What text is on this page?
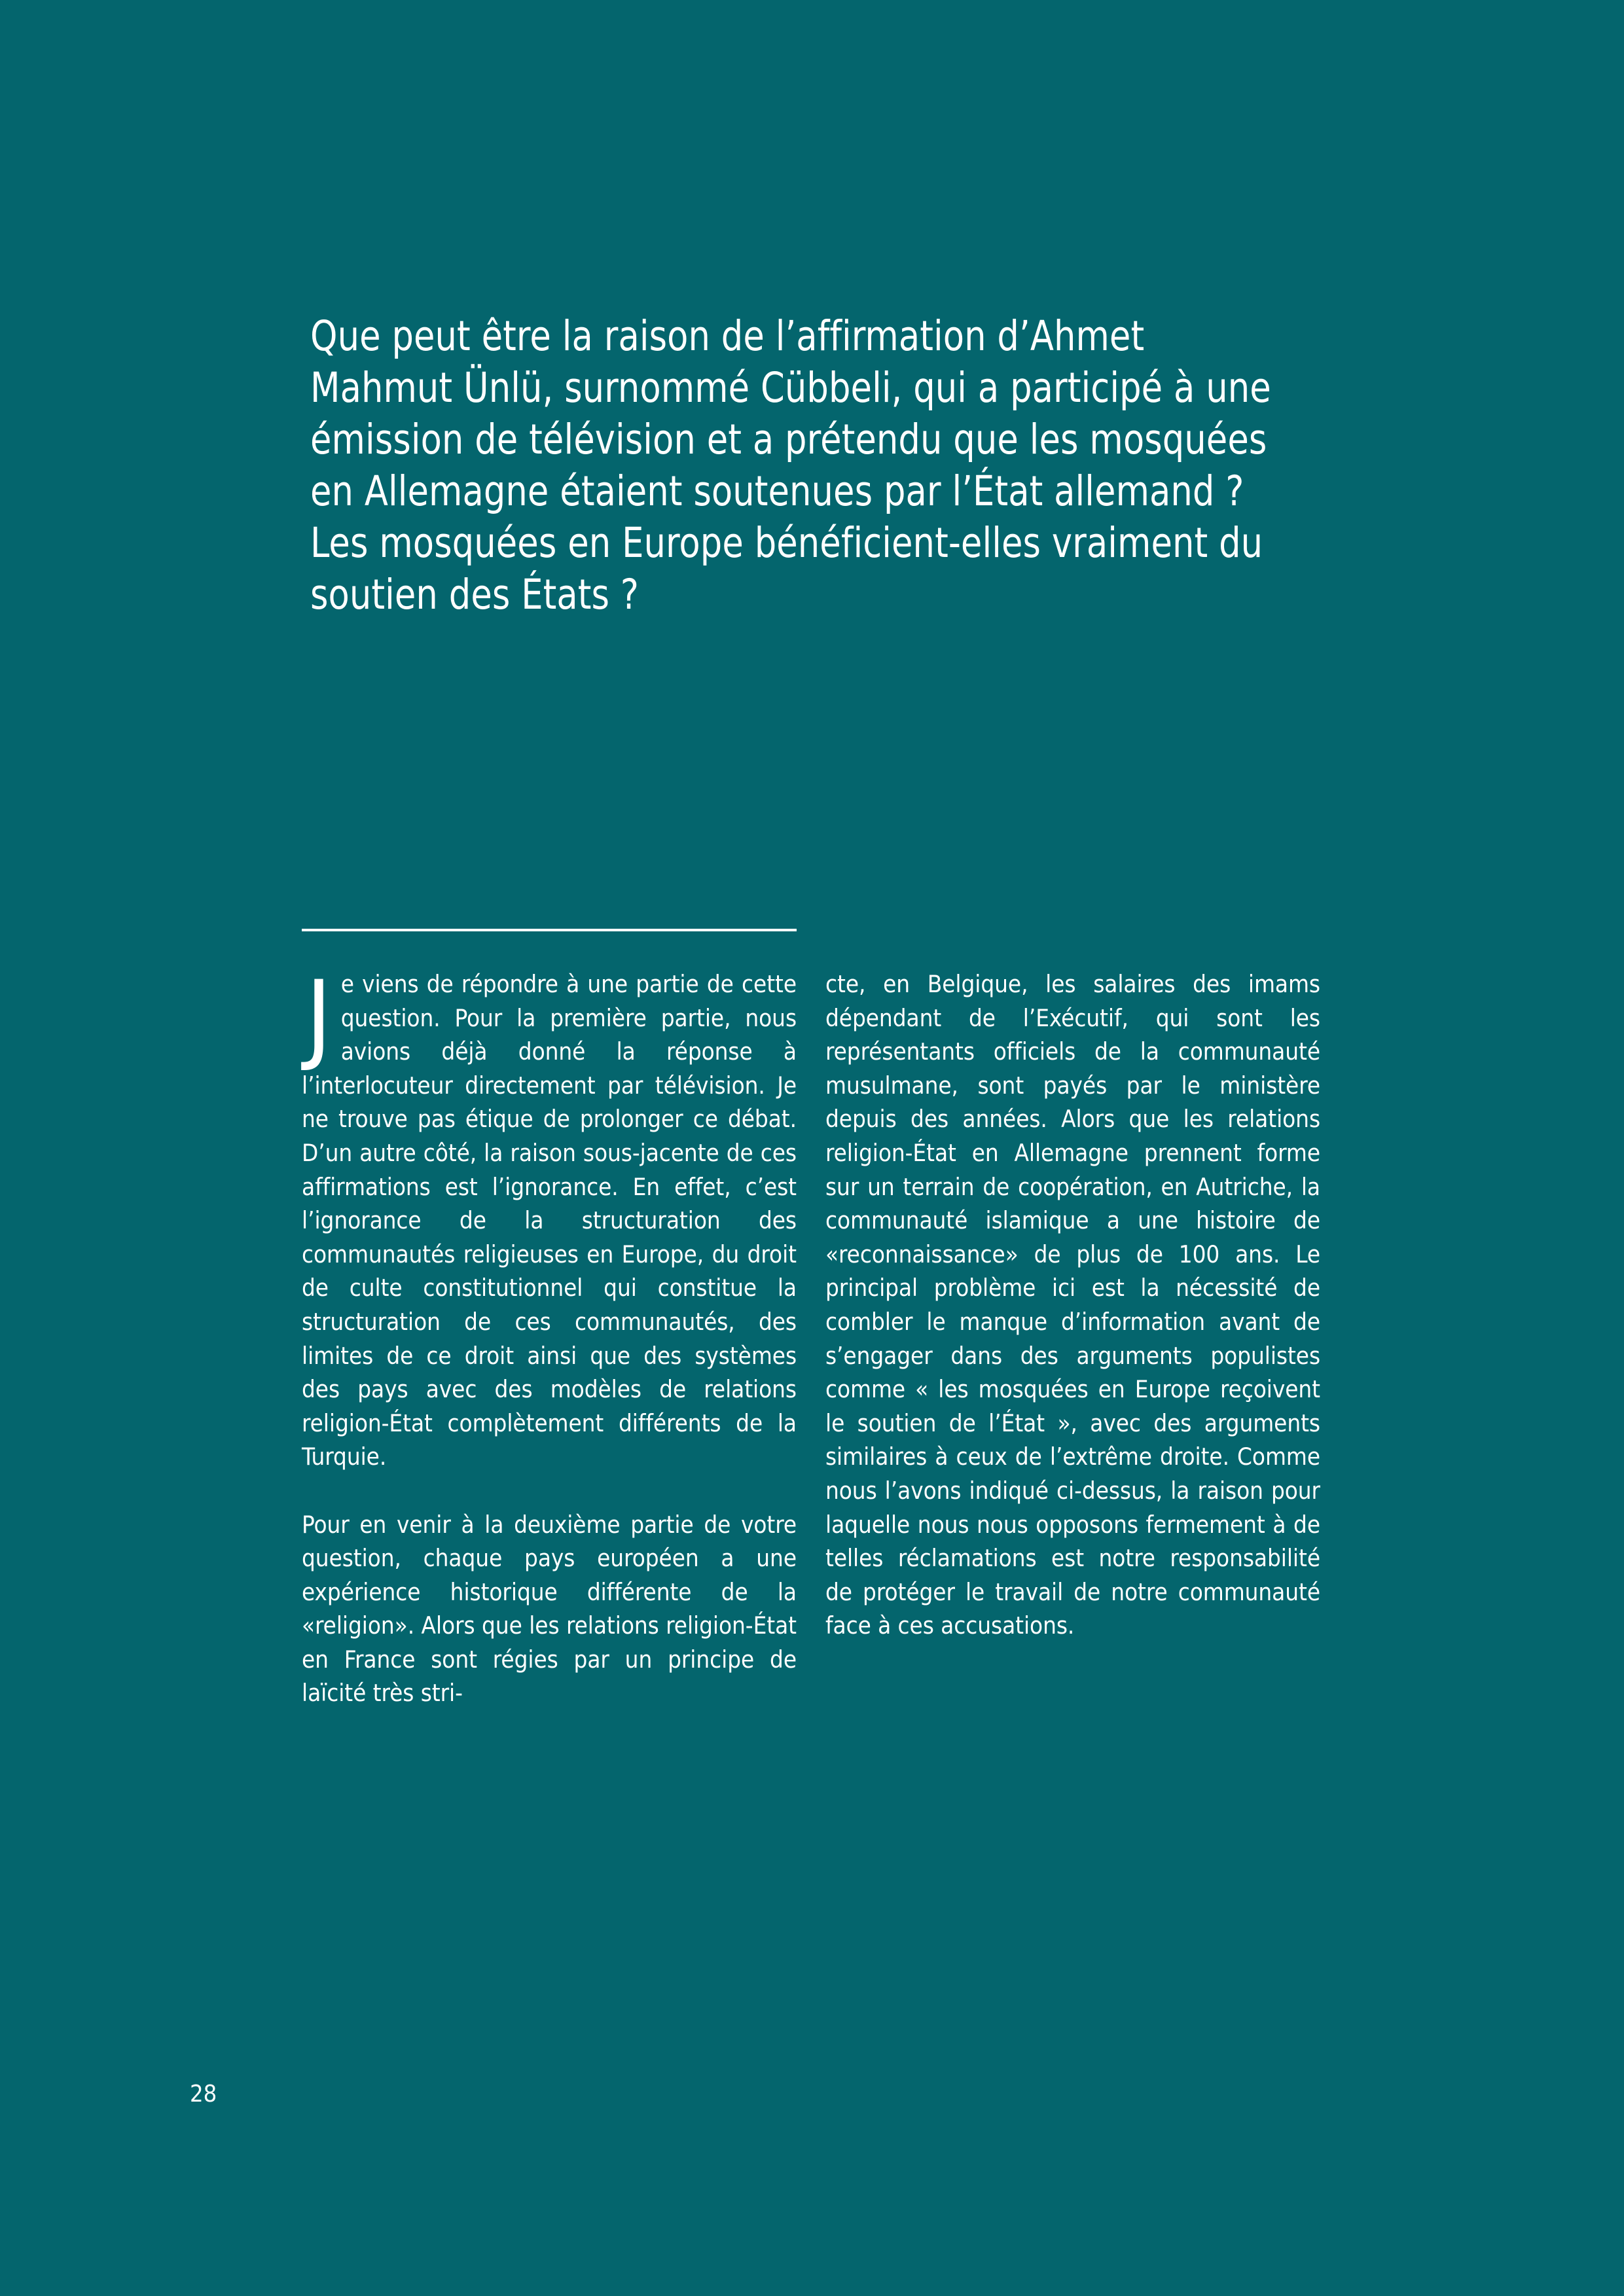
Que peut être la raison de l’affirmation d’Ahmet Mahmut Ünlü, surnommé Cübbeli, qui a participé à une émission de télévision et a prétendu que les mosquées en Allemagne étaient soutenues par l’État allemand ? Les mosquées en Europe bénéficient-elles vraiment du soutien des États ?

Je viens de répondre à une partie de cette question. Pour la première partie, nous avions déjà donné la réponse à l’interlocuteur directement par télévision. Je ne trouve pas étique de prolonger ce débat. D’un autre côté, la raison sous-jacente de ces affirmations est l’ignorance. En effet, c’est l’ignorance de la structuration des communautés religieuses en Europe, du droit de culte constitutionnel qui constitue la structuration de ces communautés, des limites de ce droit ainsi que des systèmes des pays avec des modèles de relations religion-État complètement différents de la Turquie.

Pour en venir à la deuxième partie de votre question, chaque pays européen a une expérience historique différente de la «religion». Alors que les relations religion-État en France sont régies par un principe de laïcité très stri-

cte, en Belgique, les salaires des imams dépendant de l’Exécutif, qui sont les représentants officiels de la communauté musulmane, sont payés par le ministère depuis des années. Alors que les relations religion-État en Allemagne prennent forme sur un terrain de coopération, en Autriche, la communauté islamique a une histoire de «reconnaissance» de plus de 100 ans. Le principal problème ici est la nécessité de combler le manque d’information avant de s’engager dans des arguments populistes comme « les mosquées en Europe reçoivent le soutien de l’État », avec des arguments similaires à ceux de l’extrême droite. Comme nous l’avons indiqué ci-dessus, la raison pour laquelle nous nous opposons fermement à de telles réclamations est notre responsabilité de protéger le travail de notre communauté face à ces accusations.

28
